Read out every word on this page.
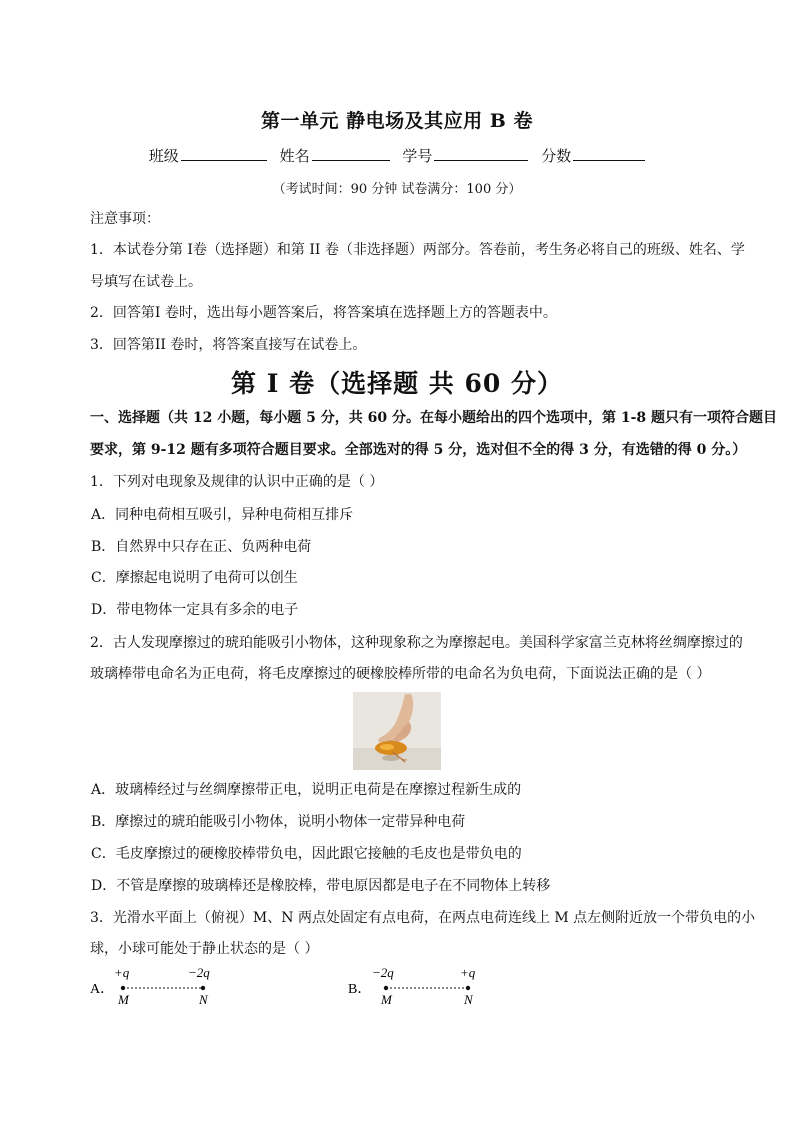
第一单元 静电场及其应用 B 卷
班级	姓名	学号	分数
（考试时间：90 分钟 试卷满分：100 分）
注意事项：
1．本试卷分第 I卷（选择题）和第 II 卷（非选择题）两部分。答卷前，考生务必将自己的班级、姓名、学
号填写在试卷上。
2．回答第I 卷时，选出每小题答案后，将答案填在选择题上方的答题表中。
3．回答第II 卷时，将答案直接写在试卷上。
第 I 卷（选择题 共 60 分）
一、选择题（共 12 小题，每小题 5 分，共 60 分。在每小题给出的四个选项中，第 1-8 题只有一项符合题目
要求，第 9-12 题有多项符合题目要求。全部选对的得 5 分，选对但不全的得 3 分，有选错的得 0 分。）
1．下列对电现象及规律的认识中正确的是（ ）
A．同种电荷相互吸引，异种电荷相互排斥
B．自然界中只存在正、负两种电荷
C．摩擦起电说明了电荷可以创生
D．带电物体一定具有多余的电子
2．古人发现摩擦过的琥珀能吸引小物体，这种现象称之为摩擦起电。美国科学家富兰克林将丝绸摩擦过的
玻璃棒带电命名为正电荷，将毛皮摩擦过的硬橡胶棒所带的电命名为负电荷，下面说法正确的是（ ）
A．玻璃棒经过与丝绸摩擦带正电，说明正电荷是在摩擦过程新生成的
B．摩擦过的琥珀能吸引小物体，说明小物体一定带异种电荷
C．毛皮摩擦过的硬橡胶棒带负电，因此跟它接触的毛皮也是带负电的
D．不管是摩擦的玻璃棒还是橡胶棒，带电原因都是电子在不同物体上转移
3．光滑水平面上（俯视）M、N 两点处固定有点电荷，在两点电荷连线上 M 点左侧附近放一个带负电的小
球，小球可能处于静止状态的是（ ）
A．
+q	−2q
M	N
B．
−2q	+q
M	N
